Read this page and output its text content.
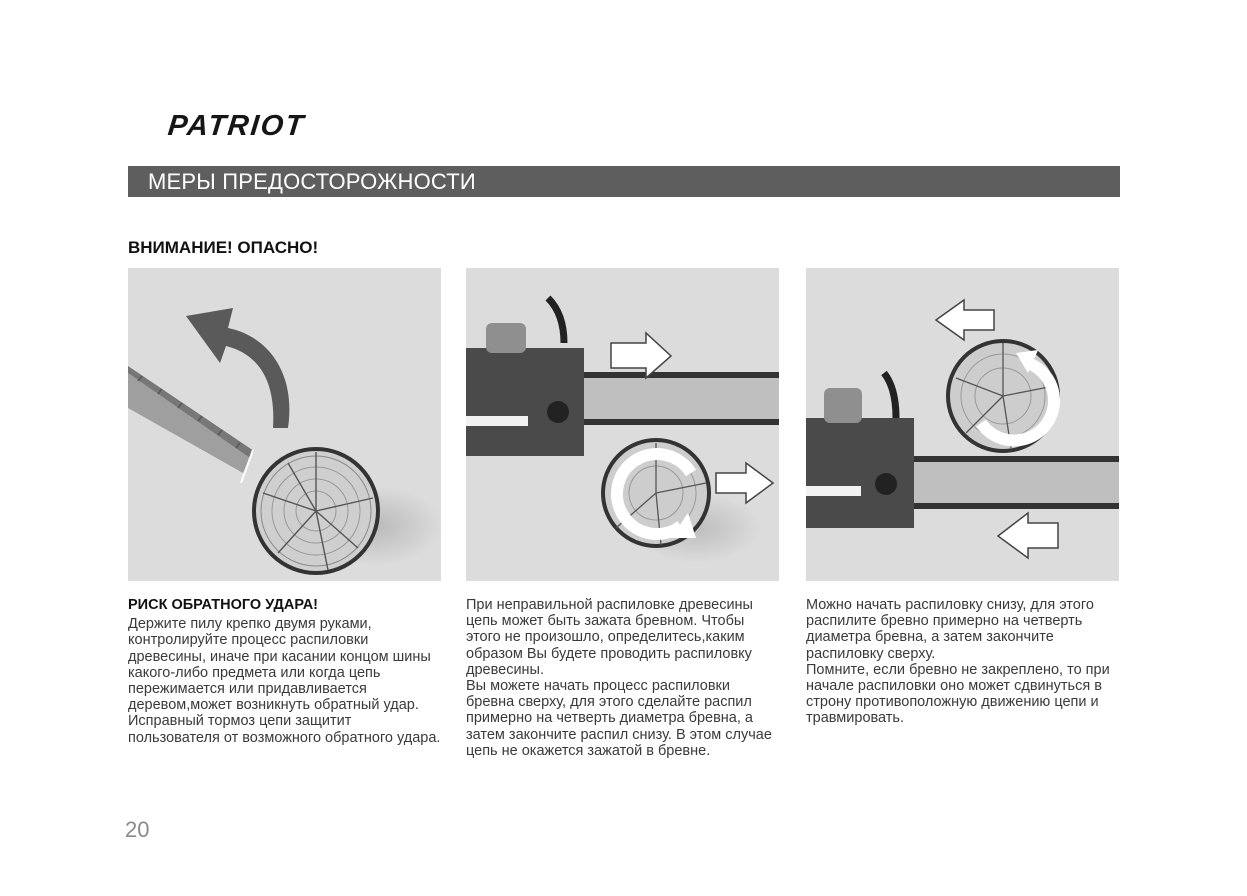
PATRIOT
МЕРЫ ПРЕДОСТОРОЖНОСТИ
ВНИМАНИЕ! ОПАСНО!

РИСК ОБРАТНОГО УДАРА!

Держите пилу крепко двумя руками, контролируйте процесс распиловки древесины, иначе при касании концом шины какого-либо предмета или когда цепь пережимается или придавливается деревом,может возникнуть обратный удар. Исправный тормоз цепи защитит пользователя от возможного обратного удара.

При неправильной распиловке древесины цепь может быть зажата бревном. Чтобы этого не произошло, определитесь,каким образом Вы будете проводить распиловку древесины.

Вы можете начать процесс распиловки бревна сверху, для этого сделайте распил примерно на четверть диаметра бревна, а затем закончите распил снизу. В этом случае цепь не окажется зажатой в бревне.

Можно начать распиловку снизу, для этого распилите бревно примерно на четверть диаметра бревна, а затем закончите распиловку сверху.

Помните, если бревно не закреплено, то при начале распиловки оно может сдвинуться в строну противоположную движению цепи и травмировать.

20
